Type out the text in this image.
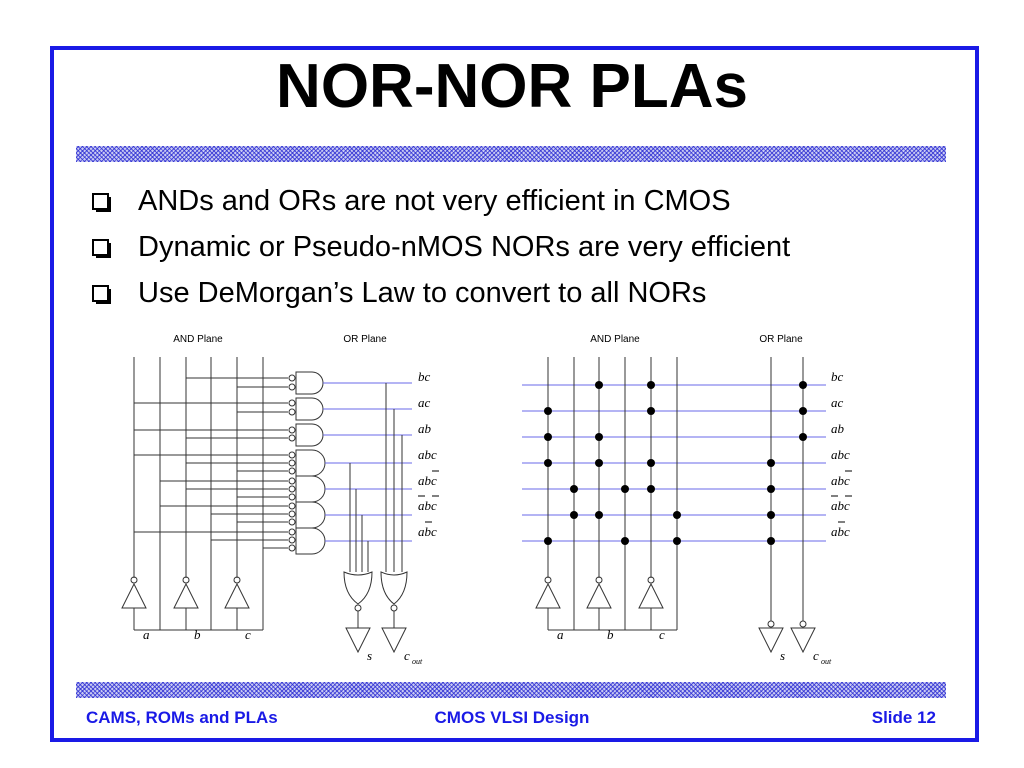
NOR-NOR PLAs
ANDs and ORs are not very efficient in CMOS
Dynamic or Pseudo-nMOS NORs are very efficient
Use DeMorgan’s Law to convert to all NORs
AND Plane	OR Plane
bc
ac
ab
abc
abc
abc
abc
a	b	c
s c out
AND Plane	OR Plane
bc
ac
ab
abc
abc
abc
abc
a	b	c
s c out
CAMS, ROMs and PLAs	CMOS VLSI Design	Slide 12
